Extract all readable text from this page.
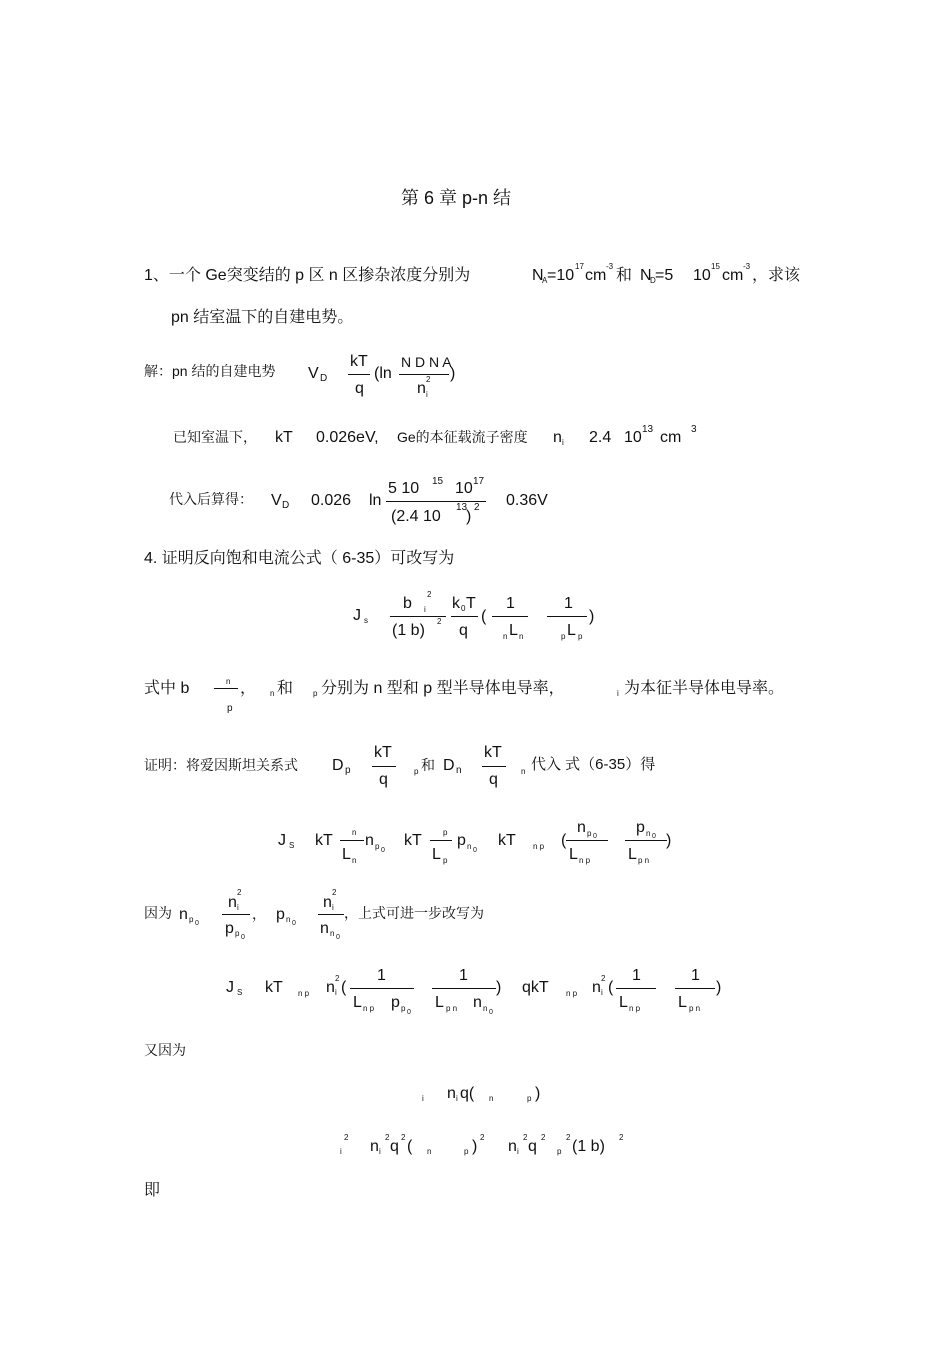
第 6 章 p-n 结
1、一个 Ge突变结的 p 区 n 区掺杂浓度分别为	N
A =10
17
cm
-3
和 N
D =5 10
15
cm
-3
，求该
pn 结室温下的自建电势。
解：pn 结的自建电势 V D
kT
q
(ln
N D N A
n i
2 )
已知室温下， kT 0.026eV, Ge的本征载流子密度 n i 2.4 10 13 cm 3
代入后算得： V D 0.026 ln
5 10 15 10 17
(2.4 10
13
)
2 0.36V
4. 证明反向饱和电流公式（ 6-35）可改写为
J s
b
2
i
(1 b)
2
k 0 T
q
(
1
n L n
1
p L p
)
式中 b	n
p
， n 和 p 分别为 n 型和 p 型半导体电导率，	i 为本征半导体电导率。
证明：将爱因斯坦关系式 D p
kT
q	p 和 D n
kT
q	n 代入 式（6-35）得
J S kT n
L n
n p 0
kT	p
L p
p n 0
kT n p (
n p 0
L n p
p n 0
L p n
)
因为 n p 0
n i
2
p p 0
， p n 0
n i
2
n n 0
，上式可进一步改写为
J S kT n p n i
2
(
1
L n p p p 0
1
L p n n n 0
) qkT n p n i
2
(
1
L n p
1
L p n
)
又因为
i n i q( n	p )
2
i n i
2
q
2
( n	p )
2
n i
2
q
2
p
2
(1 b)
2
即
